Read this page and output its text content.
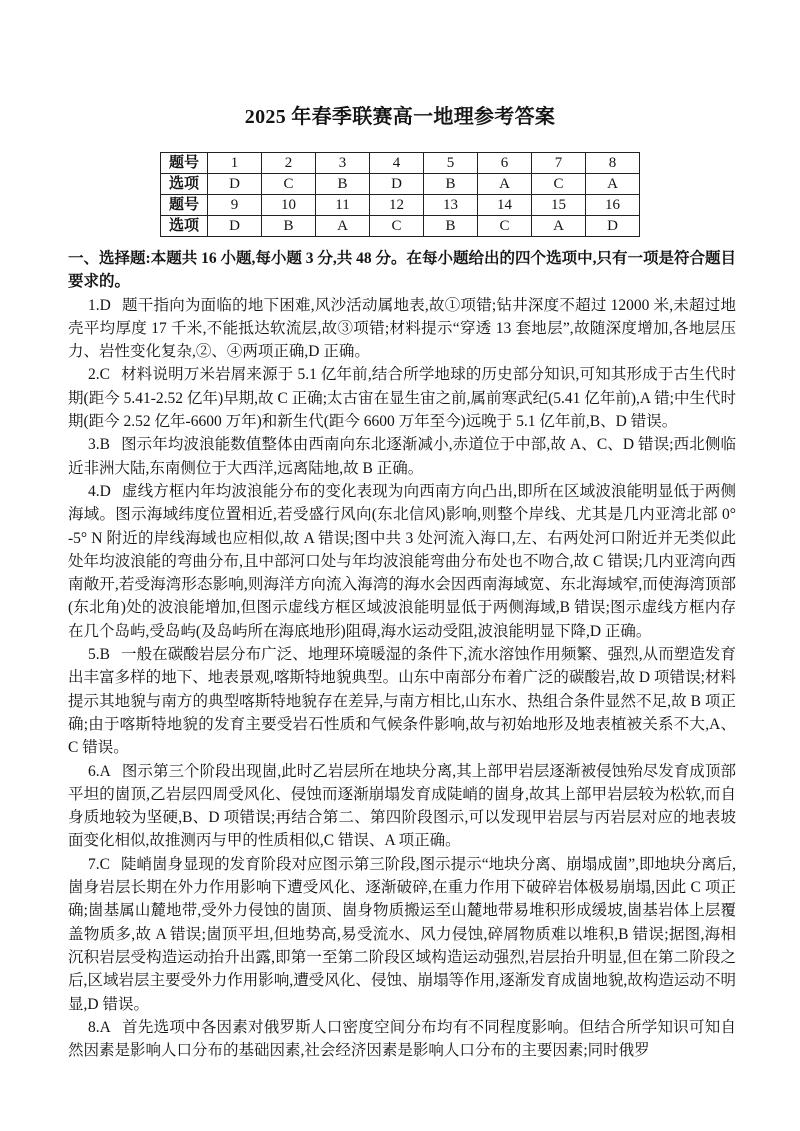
2025 年春季联赛高一地理参考答案
题号	1	2	3	4	5	6	7	8
选项	D	C	B	D	B	A	C	A
题号	9	10	11	12	13	14	15	16
选项	D	B	A	C	B	C	A	D

一、选择题:本题共 16 小题,每小题 3 分,共 48 分。在每小题给出的四个选项中,只有一项是符合题目要求的。

1.D 题干指向为面临的地下困难,风沙活动属地表,故①项错;钻井深度不超过 12000 米,未超过地壳平均厚度 17 千米,不能抵达软流层,故③项错;材料提示“穿透 13 套地层”,故随深度增加,各地层压力、岩性变化复杂,②、④两项正确,D 正确。

2.C 材料说明万米岩屑来源于 5.1 亿年前,结合所学地球的历史部分知识,可知其形成于古生代时期(距今 5.41-2.52 亿年)早期,故 C 正确;太古宙在显生宙之前,属前寒武纪(5.41 亿年前),A 错;中生代时期(距今 2.52 亿年-6600 万年)和新生代(距今 6600 万年至今)远晚于 5.1 亿年前,B、D 错误。

3.B 图示年均波浪能数值整体由西南向东北逐渐减小,赤道位于中部,故 A、C、D 错误;西北侧临近非洲大陆,东南侧位于大西洋,远离陆地,故 B 正确。

4.D 虚线方框内年均波浪能分布的变化表现为向西南方向凸出,即所在区域波浪能明显低于两侧海域。图示海域纬度位置相近,若受盛行风向(东北信风)影响,则整个岸线、尤其是几内亚湾北部 0° -5° N 附近的岸线海域也应相似,故 A 错误;图中共 3 处河流入海口,左、右两处河口附近并无类似此处年均波浪能的弯曲分布,且中部河口处与年均波浪能弯曲分布处也不吻合,故 C 错误;几内亚湾向西南敞开,若受海湾形态影响,则海洋方向流入海湾的海水会因西南海域宽、东北海域窄,而使海湾顶部(东北角)处的波浪能增加,但图示虚线方框区域波浪能明显低于两侧海域,B 错误;图示虚线方框内存在几个岛屿,受岛屿(及岛屿所在海底地形)阻碍,海水运动受阻,波浪能明显下降,D 正确。

5.B 一般在碳酸岩层分布广泛、地理环境暖湿的条件下,流水溶蚀作用频繁、强烈,从而塑造发育出丰富多样的地下、地表景观,喀斯特地貌典型。山东中南部分布着广泛的碳酸岩,故 D 项错误;材料提示其地貌与南方的典型喀斯特地貌存在差异,与南方相比,山东水、热组合条件显然不足,故 B 项正确;由于喀斯特地貌的发育主要受岩石性质和气候条件影响,故与初始地形及地表植被关系不大,A、C 错误。

6.A 图示第三个阶段出现崮,此时乙岩层所在地块分离,其上部甲岩层逐渐被侵蚀殆尽发育成顶部平坦的崮顶,乙岩层四周受风化、侵蚀而逐渐崩塌发育成陡峭的崮身,故其上部甲岩层较为松软,而自身质地较为坚硬,B、D 项错误;再结合第二、第四阶段图示,可以发现甲岩层与丙岩层对应的地表坡面变化相似,故推测丙与甲的性质相似,C 错误、A 项正确。

7.C 陡峭崮身显现的发育阶段对应图示第三阶段,图示提示“地块分离、崩塌成崮”,即地块分离后,崮身岩层长期在外力作用影响下遭受风化、逐渐破碎,在重力作用下破碎岩体极易崩塌,因此 C 项正确;崮基属山麓地带,受外力侵蚀的崮顶、崮身物质搬运至山麓地带易堆积形成缓坡,崮基岩体上层覆盖物质多,故 A 错误;崮顶平坦,但地势高,易受流水、风力侵蚀,碎屑物质难以堆积,B 错误;据图,海相沉积岩层受构造运动抬升出露,即第一至第二阶段区域构造运动强烈,岩层抬升明显,但在第二阶段之后,区域岩层主要受外力作用影响,遭受风化、侵蚀、崩塌等作用,逐渐发育成崮地貌,故构造运动不明显,D 错误。

8.A 首先选项中各因素对俄罗斯人口密度空间分布均有不同程度影响。但结合所学知识可知自然因素是影响人口分布的基础因素,社会经济因素是影响人口分布的主要因素;同时俄罗
